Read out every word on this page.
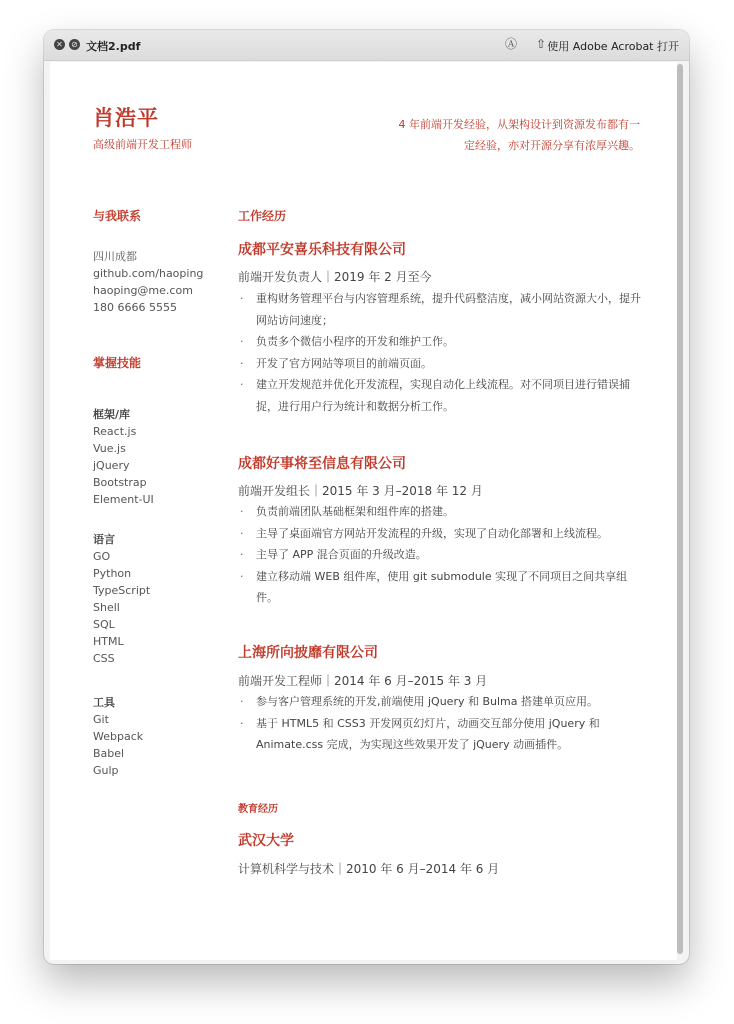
✕ ⊘ 文档2.pdf	Ⓐ ⇧ 使用 Adobe Acrobat 打开
肖浩平
高级前端开发工程师
4 年前端开发经验，从架构设计到资源发布都有一定经验，亦对开源分享有浓厚兴趣。
与我联系
四川成都
github.com/haoping
haoping@me.com
180 6666 5555
掌握技能
框架/库
React.js
Vue.js
jQuery
Bootstrap
Element-UI
语言
GO
Python
TypeScript
Shell
SQL
HTML
CSS
工具
Git
Webpack
Babel
Gulp
工作经历
成都平安喜乐科技有限公司
前端开发负责人｜2019 年 2 月至今
· 重构财务管理平台与内容管理系统，提升代码整洁度，减小网站资源大小，提升网站访问速度；
· 负责多个微信小程序的开发和维护工作。
· 开发了官方网站等项目的前端页面。
· 建立开发规范并优化开发流程，实现自动化上线流程。对不同项目进行错误捕捉，进行用户行为统计和数据分析工作。
成都好事将至信息有限公司
前端开发组长｜2015 年 3 月–2018 年 12 月
· 负责前端团队基础框架和组件库的搭建。
· 主导了桌面端官方网站开发流程的升级，实现了自动化部署和上线流程。
· 主导了 APP 混合页面的升级改造。
· 建立移动端 WEB 组件库，使用 git submodule 实现了不同项目之间共享组件。
上海所向披靡有限公司
前端开发工程师｜2014 年 6 月–2015 年 3 月
· 参与客户管理系统的开发,前端使用 jQuery 和 Bulma 搭建单页应用。
· 基于 HTML5 和 CSS3 开发网页幻灯片，动画交互部分使用 jQuery 和 Animate.css 完成，为实现这些效果开发了 jQuery 动画插件。
教育经历
武汉大学
计算机科学与技术｜2010 年 6 月–2014 年 6 月
